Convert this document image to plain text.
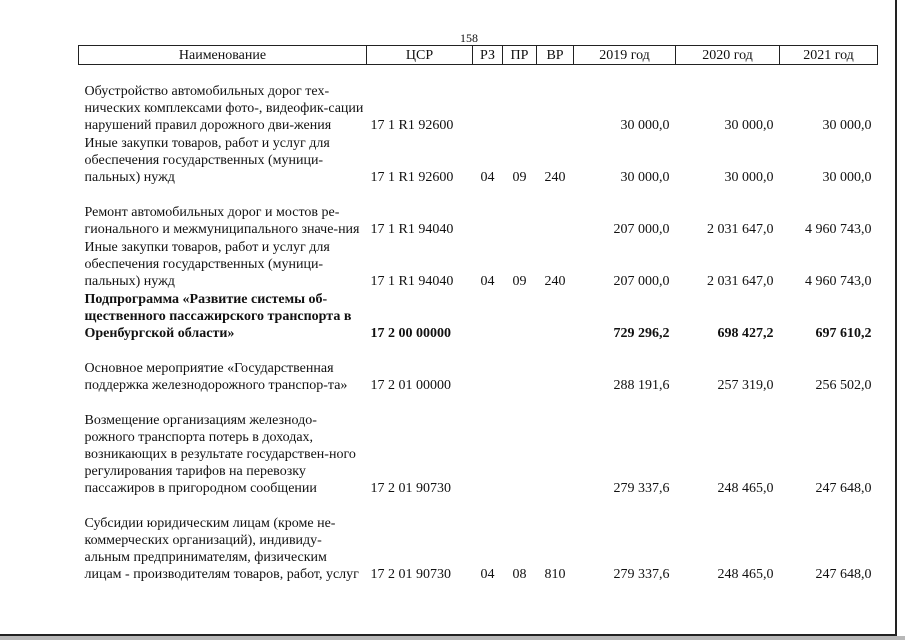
158
Наименование	ЦСР	РЗ	ПР	ВР	2019 год	2020 год	2021 год
Обустройство автомобильных дорог тех-нических комплексами фото-, видеофик-сации нарушений правил дорожного дви-жения	17 1 R1 92600				30 000,0	30 000,0	30 000,0
Иные закупки товаров, работ и услуг для обеспечения государственных (муници-пальных) нужд	17 1 R1 92600	04	09	240	30 000,0	30 000,0	30 000,0
Ремонт автомобильных дорог и мостов ре-гионального и межмуниципального значе-ния	17 1 R1 94040				207 000,0	2 031 647,0	4 960 743,0
Иные закупки товаров, работ и услуг для обеспечения государственных (муници-пальных) нужд	17 1 R1 94040	04	09	240	207 000,0	2 031 647,0	4 960 743,0
Подпрограмма «Развитие системы об-щественного пассажирского транспорта в Оренбургской области»	17 2 00 00000				729 296,2	698 427,2	697 610,2
Основное мероприятие «Государственная поддержка железнодорожного транспор-та»	17 2 01 00000				288 191,6	257 319,0	256 502,0
Возмещение организациям железнодо-рожного транспорта потерь в доходах, возникающих в результате государствен-ного регулирования тарифов на перевозку пассажиров в пригородном сообщении	17 2 01 90730				279 337,6	248 465,0	247 648,0
Субсидии юридическим лицам (кроме не-коммерческих организаций), индивиду-альным предпринимателям, физическим лицам - производителям товаров, работ, услуг	17 2 01 90730	04	08	810	279 337,6	248 465,0	247 648,0
